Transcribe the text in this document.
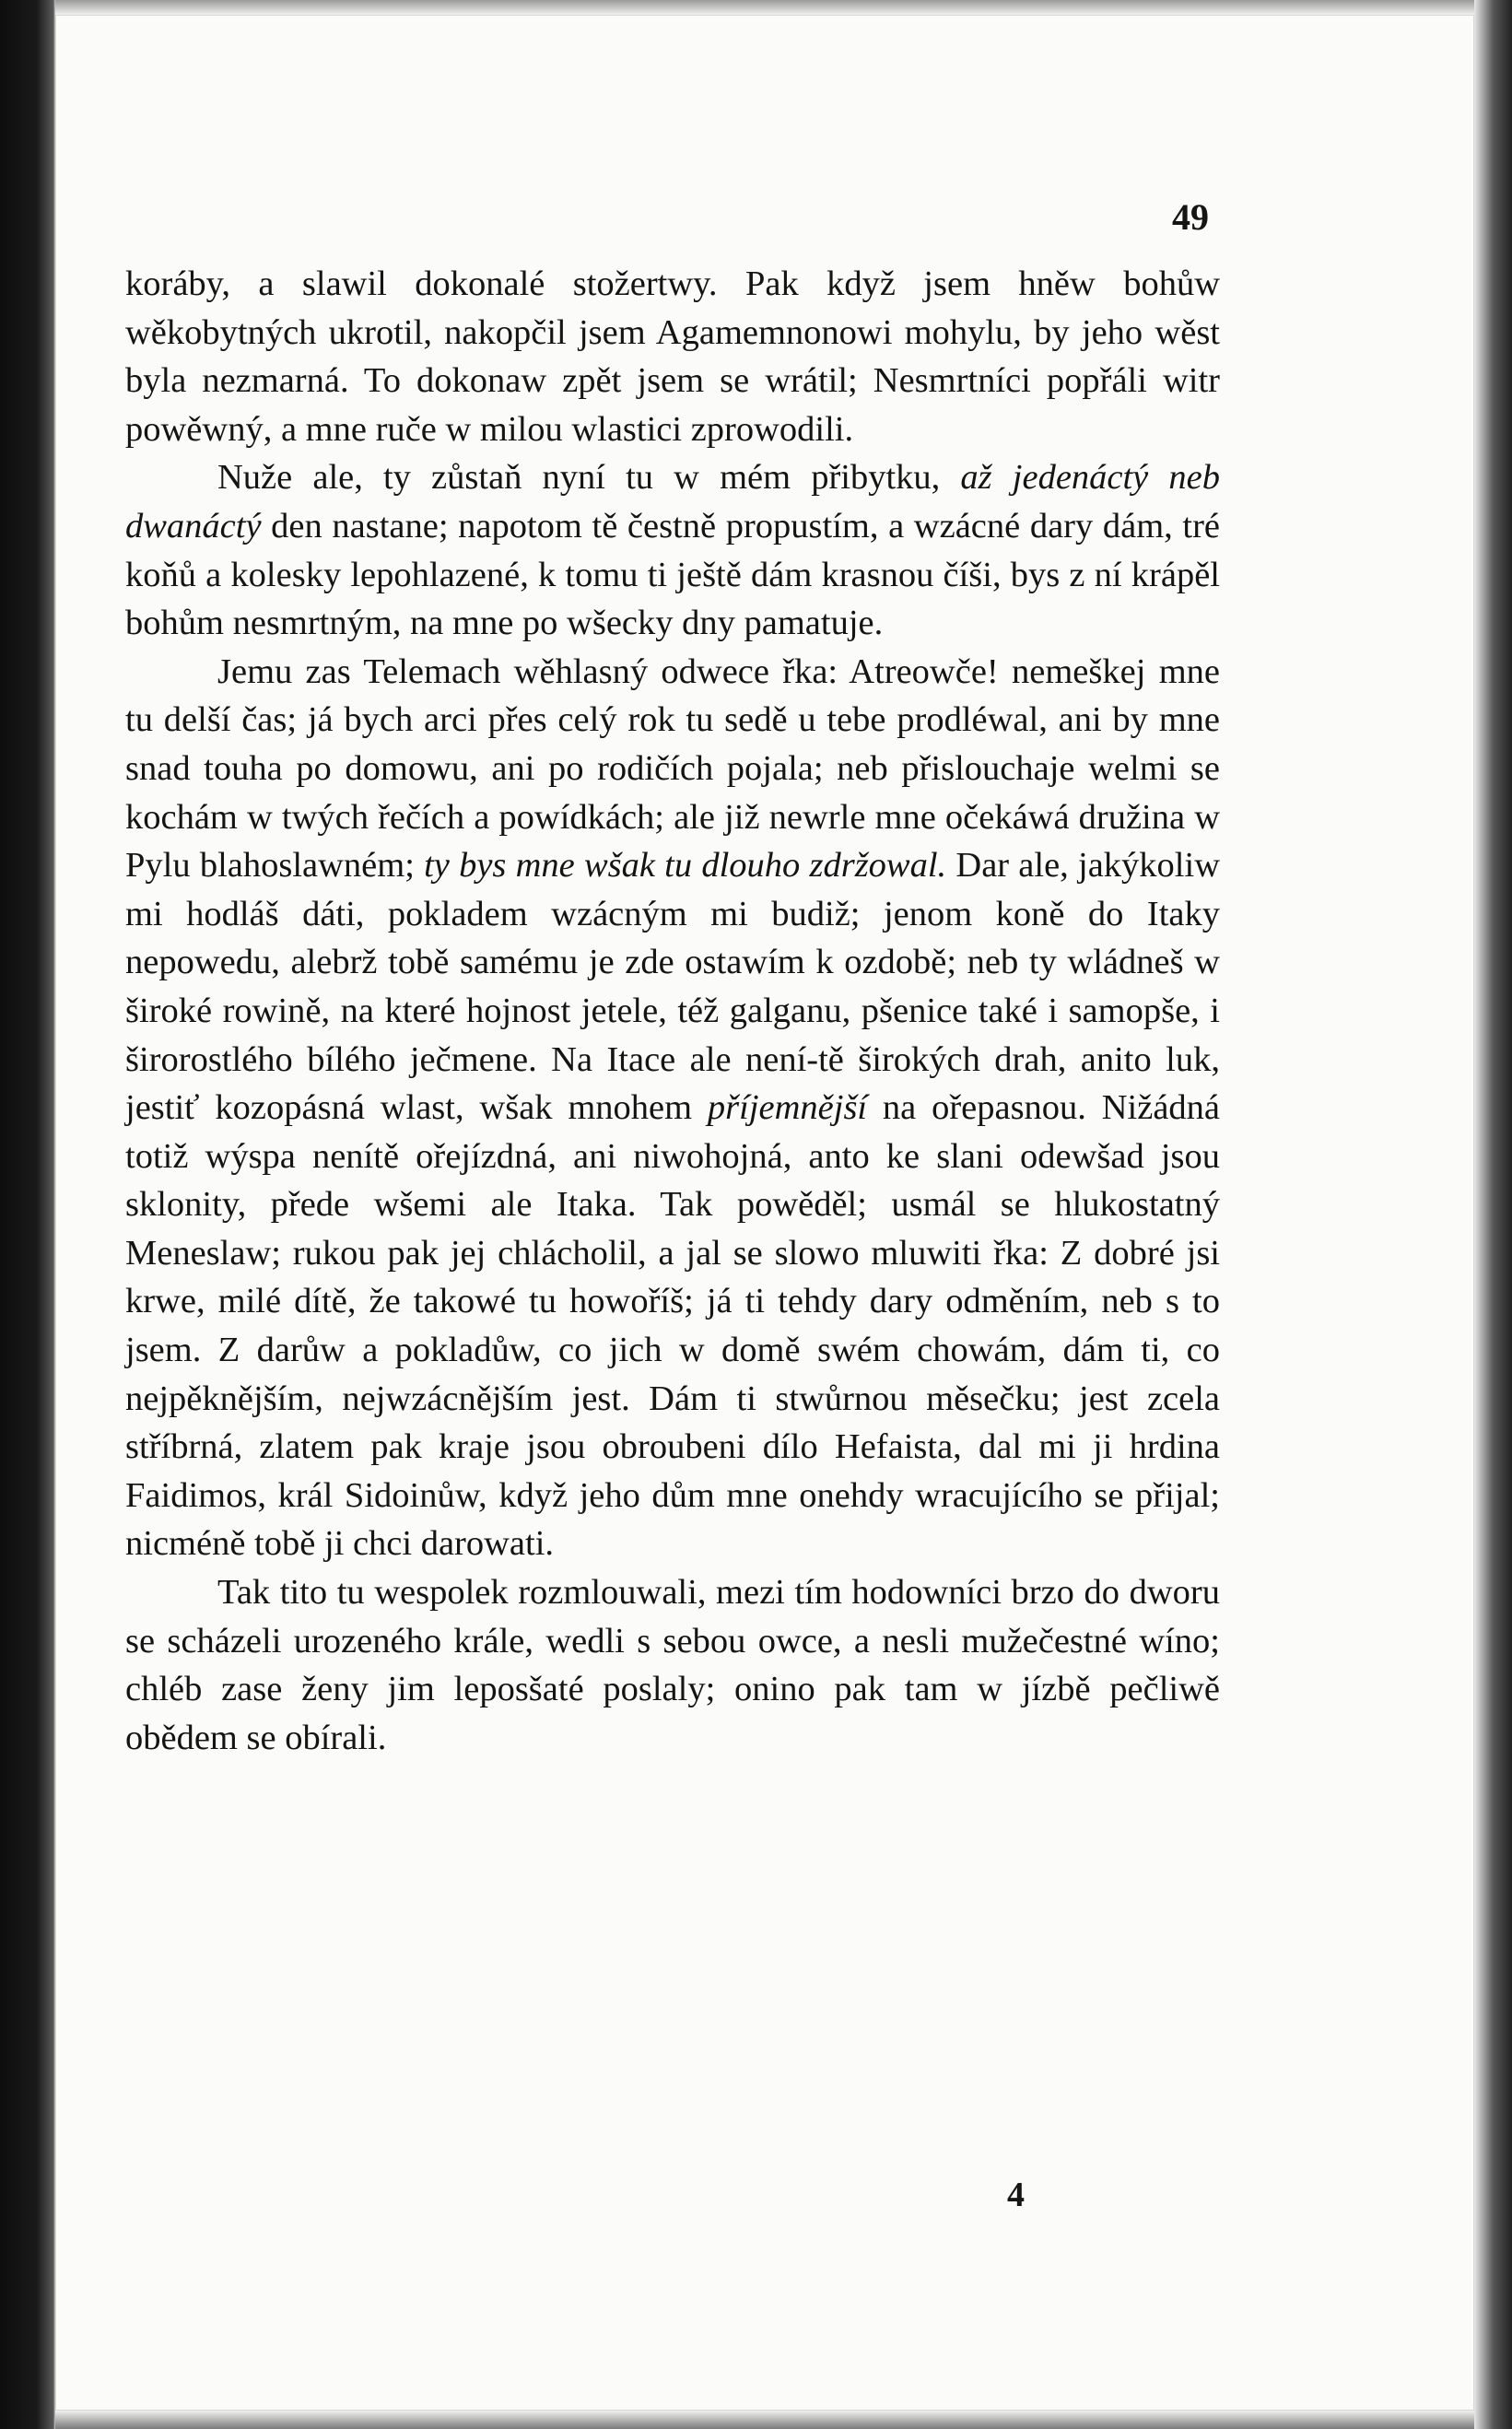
49

koráby, a slawil dokonalé stožertwy. Pak když jsem hněw bohůw wěkobytných ukrotil, nakopčil jsem Agamemnonowi mohylu, by jeho wěst byla nezmarná. To dokonaw zpět jsem se wrátil; Nesmrtníci popřáli witr powěwný, a mne ruče w milou wlastici zprowodili.

Nuže ale, ty zůstaň nyní tu w mém přibytku, až jedenáctý neb dwanáctý den nastane; napotom tě čestně propustím, a wzácné dary dám, tré koňů a kolesky lepohlazené, k tomu ti ještě dám krasnou číši, bys z ní krápěl bohům nesmrtným, na mne po wšecky dny pamatuje.

Jemu zas Telemach wěhlasný odwece řka: Atreowče! nemeškej mne tu delší čas; já bych arci přes celý rok tu sedě u tebe prodléwal, ani by mne snad touha po domowu, ani po rodičích pojala; neb přislouchaje welmi se kochám w twých řečích a powídkách; ale již newrle mne očekáwá družina w Pylu blahoslawném; ty bys mne wšak tu dlouho zdržowal. Dar ale, jakýkoliw mi hodláš dáti, pokladem wzácným mi budiž; jenom koně do Itaky nepowedu, alebrž tobě samému je zde ostawím k ozdobě; neb ty wládneš w široké rowině, na které hojnost jetele, též galganu, pšenice také i samopše, i širorostlého bílého ječmene. Na Itace ale není-tě širokých drah, anito luk, jestiť kozopásná wlast, wšak mnohem příjemnější na ořepasnou. Nižádná totiž wýspa nenítě ořejízdná, ani niwohojná, anto ke slani odewšad jsou sklonity, přede wšemi ale Itaka. Tak powěděl; usmál se hlukostatný Meneslaw; rukou pak jej chlácholil, a jal se slowo mluwiti řka: Z dobré jsi krwe, milé dítě, že takowé tu howoříš; já ti tehdy dary odměním, neb s to jsem. Z darůw a pokladůw, co jich w domě swém chowám, dám ti, co nejpěknějším, nejwzácnějším jest. Dám ti stwůrnou měsečku; jest zcela stříbrná, zlatem pak kraje jsou obroubeni dílo Hefaista, dal mi ji hrdina Faidimos, král Sidoinůw, když jeho dům mne onehdy wracujícího se přijal; nicméně tobě ji chci darowati.

Tak tito tu wespolek rozmlouwali, mezi tím hodowníci brzo do dworu se scházeli urozeného krále, wedli s sebou owce, a nesli mužečestné wíno; chléb zase ženy jim leposšaté poslaly; onino pak tam w jízbě pečliwě obědem se obírali.

4
